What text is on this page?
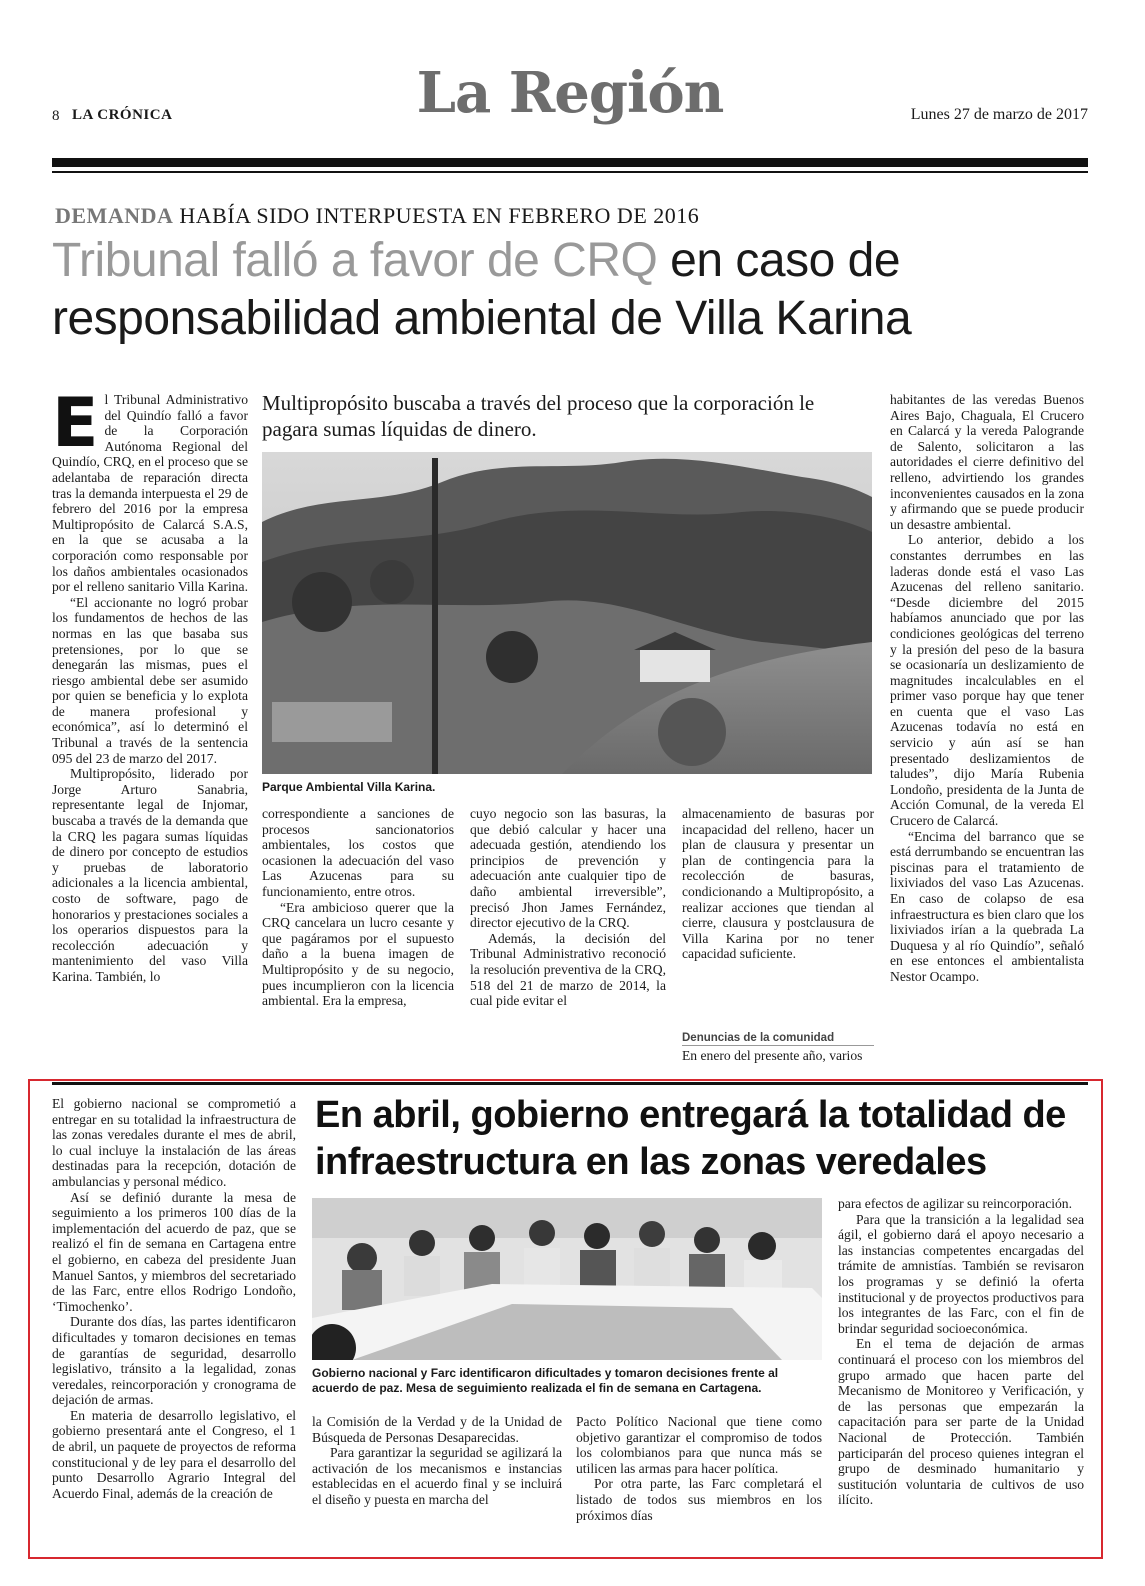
8 LA CRÓNICA	La Región	Lunes 27 de marzo de 2017
DEMANDA HABÍA SIDO INTERPUESTA EN FEBRERO DE 2016
Tribunal falló a favor de CRQ en caso de responsabilidad ambiental de Villa Karina

El Tribunal Administrativo del Quindío falló a favor de la Corporación Autónoma Regional del Quindío, CRQ, en el proceso que se adelantaba de reparación directa tras la demanda interpuesta el 29 de febrero del 2016 por la empresa Multipropósito de Calarcá S.A.S, en la que se acusaba a la corporación como responsable por los daños ambientales ocasionados por el relleno sanitario Villa Karina.

“El accionante no logró probar los fundamentos de hechos de las normas en las que basaba sus pretensiones, por lo que se denegarán las mismas, pues el riesgo ambiental debe ser asumido por quien se beneficia y lo explota de manera profesional y económica”, así lo determinó el Tribunal a través de la sentencia 095 del 23 de marzo del 2017.

Multipropósito, liderado por Jorge Arturo Sanabria, representante legal de Injomar, buscaba a través de la demanda que la CRQ les pagara sumas líquidas de dinero por concepto de estudios y pruebas de laboratorio adicionales a la licencia ambiental, costo de software, pago de honorarios y prestaciones sociales a los operarios dispuestos para la recolección adecuación y mantenimiento del vaso Villa Karina. También, lo

Multipropósito buscaba a través del proceso que la corporación le pagara sumas líquidas de dinero.
Parque Ambiental Villa Karina.

correspondiente a sanciones de procesos sancionatorios ambientales, los costos que ocasionen la adecuación del vaso Las Azucenas para su funcionamiento, entre otros.

“Era ambicioso querer que la CRQ cancelara un lucro cesante y que pagáramos por el supuesto daño a la buena imagen de Multipropósito y de su negocio, pues incumplieron con la licencia ambiental. Era la empresa,

cuyo negocio son las basuras, la que debió calcular y hacer una adecuada gestión, atendiendo los principios de prevención y adecuación ante cualquier tipo de daño ambiental irreversible”, precisó Jhon James Fernández, director ejecutivo de la CRQ.

Además, la decisión del Tribunal Administrativo reconoció la resolución preventiva de la CRQ, 518 del 21 de marzo de 2014, la cual pide evitar el

almacenamiento de basuras por incapacidad del relleno, hacer un plan de clausura y presentar un plan de contingencia para la recolección de basuras, condicionando a Multipropósito, a realizar acciones que tiendan al cierre, clausura y postclausura de Villa Karina por no tener capacidad suficiente.

Denuncias de la comunidad

En enero del presente año, varios

habitantes de las veredas Buenos Aires Bajo, Chaguala, El Crucero en Calarcá y la vereda Palogrande de Salento, solicitaron a las autoridades el cierre definitivo del relleno, advirtiendo los grandes inconvenientes causados en la zona y afirmando que se puede producir un desastre ambiental.

Lo anterior, debido a los constantes derrumbes en las laderas donde está el vaso Las Azucenas del relleno sanitario. “Desde diciembre del 2015 habíamos anunciado que por las condiciones geológicas del terreno y la presión del peso de la basura se ocasionaría un deslizamiento de magnitudes incalculables en el primer vaso porque hay que tener en cuenta que el vaso Las Azucenas todavía no está en servicio y aún así se han presentado deslizamientos de taludes”, dijo María Rubenia Londoño, presidenta de la Junta de Acción Comunal, de la vereda El Crucero de Calarcá.

“Encima del barranco que se está derrumbando se encuentran las piscinas para el tratamiento de lixiviados del vaso Las Azucenas. En caso de colapso de esa infraestructura es bien claro que los lixiviados irían a la quebrada La Duquesa y al río Quindío”, señaló en ese entonces el ambientalista Nestor Ocampo.

El gobierno nacional se comprometió a entregar en su totalidad la infraestructura de las zonas veredales durante el mes de abril, lo cual incluye la instalación de las áreas destinadas para la recepción, dotación de ambulancias y personal médico.

Así se definió durante la mesa de seguimiento a los primeros 100 días de la implementación del acuerdo de paz, que se realizó el fin de semana en Cartagena entre el gobierno, en cabeza del presidente Juan Manuel Santos, y miembros del secretariado de las Farc, entre ellos Rodrigo Londoño, ‘Timochenko’.

Durante dos días, las partes identificaron dificultades y tomaron decisiones en temas de garantías de seguridad, desarrollo legislativo, tránsito a la legalidad, zonas veredales, reincorporación y cronograma de dejación de armas.

En materia de desarrollo legislativo, el gobierno presentará ante el Congreso, el 1 de abril, un paquete de proyectos de reforma constitucional y de ley para el desarrollo del punto Desarrollo Agrario Integral del Acuerdo Final, además de la creación de

En abril, gobierno entregará la totalidad de infraestructura en las zonas veredales
Gobierno nacional y Farc identificaron dificultades y tomaron decisiones frente al acuerdo de paz. Mesa de seguimiento realizada el fin de semana en Cartagena.

la Comisión de la Verdad y de la Unidad de Búsqueda de Personas Desaparecidas.

Para garantizar la seguridad se agilizará la activación de los mecanismos e instancias establecidas en el acuerdo final y se incluirá el diseño y puesta en marcha del

Pacto Político Nacional que tiene como objetivo garantizar el compromiso de todos los colombianos para que nunca más se utilicen las armas para hacer política.

Por otra parte, las Farc completará el listado de todos sus miembros en los próximos días

para efectos de agilizar su reincorporación.

Para que la transición a la legalidad sea ágil, el gobierno dará el apoyo necesario a las instancias competentes encargadas del trámite de amnistías. También se revisaron los programas y se definió la oferta institucional y de proyectos productivos para los integrantes de las Farc, con el fin de brindar seguridad socioeconómica.

En el tema de dejación de armas continuará el proceso con los miembros del grupo armado que hacen parte del Mecanismo de Monitoreo y Verificación, y de las personas que empezarán la capacitación para ser parte de la Unidad Nacional de Protección. También participarán del proceso quienes integran el grupo de desminado humanitario y sustitución voluntaria de cultivos de uso ilícito.
